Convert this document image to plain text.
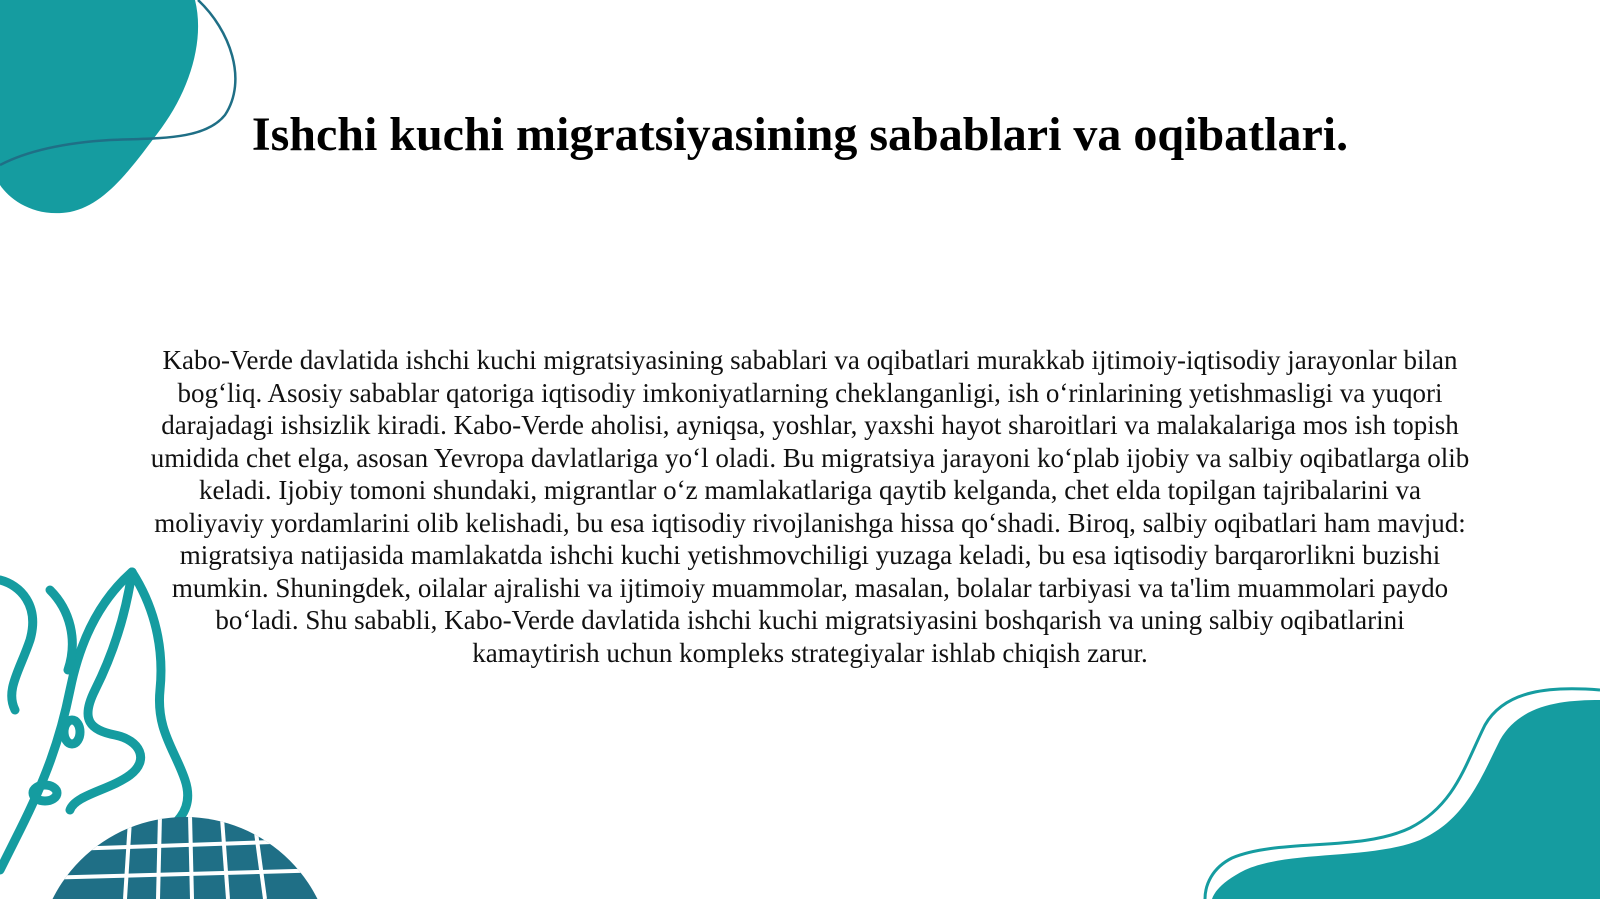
Ishchi kuchi migratsiyasining sabablari va oqibatlari.

Kabo-Verde davlatida ishchi kuchi migratsiyasining sabablari va oqibatlari murakkab ijtimoiy-iqtisodiy jarayonlar bilan bog‘liq. Asosiy sabablar qatoriga iqtisodiy imkoniyatlarning cheklanganligi, ish o‘rinlarining yetishmasligi va yuqori darajadagi ishsizlik kiradi. Kabo-Verde aholisi, ayniqsa, yoshlar, yaxshi hayot sharoitlari va malakalariga mos ish topish umidida chet elga, asosan Yevropa davlatlariga yo‘l oladi. Bu migratsiya jarayoni ko‘plab ijobiy va salbiy oqibatlarga olib keladi. Ijobiy tomoni shundaki, migrantlar o‘z mamlakatlariga qaytib kelganda, chet elda topilgan tajribalarini va moliyaviy yordamlarini olib kelishadi, bu esa iqtisodiy rivojlanishga hissa qo‘shadi. Biroq, salbiy oqibatlari ham mavjud: migratsiya natijasida mamlakatda ishchi kuchi yetishmovchiligi yuzaga keladi, bu esa iqtisodiy barqarorlikni buzishi mumkin. Shuningdek, oilalar ajralishi va ijtimoiy muammolar, masalan, bolalar tarbiyasi va ta'lim muammolari paydo bo‘ladi. Shu sababli, Kabo-Verde davlatida ishchi kuchi migratsiyasini boshqarish va uning salbiy oqibatlarini kamaytirish uchun kompleks strategiyalar ishlab chiqish zarur.
